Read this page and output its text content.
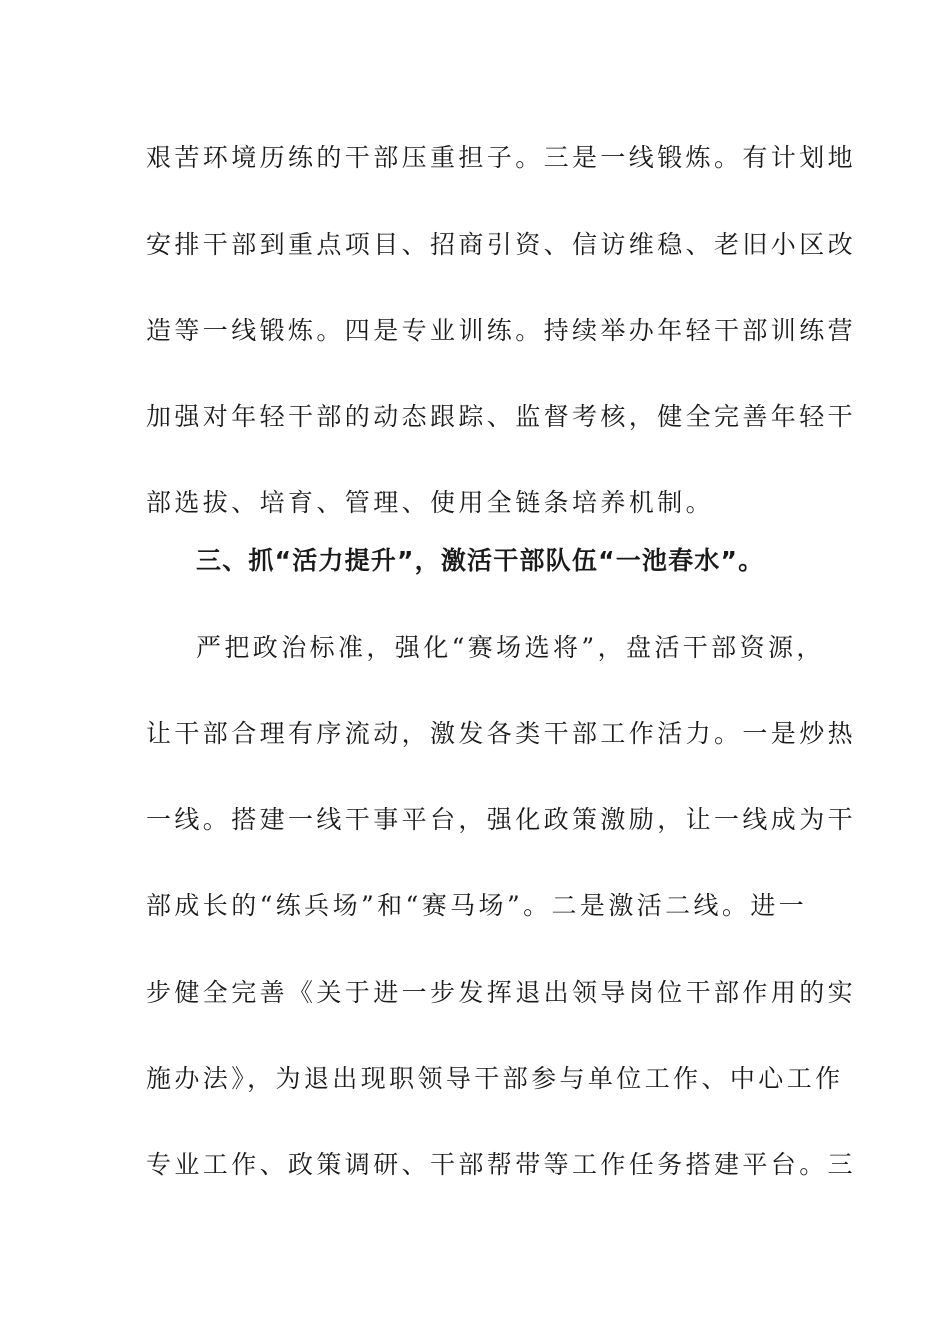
艰苦环境历练的干部压重担子。三是一线锻炼。有计划地
安排干部到重点项目、招商引资、信访维稳、老旧小区改
造等一线锻炼。四是专业训练。持续举办年轻干部训练营
加强对年轻干部的动态跟踪、监督考核，健全完善年轻干
部选拔、培育、管理、使用全链条培养机制。
三、抓“活力提升”，激活干部队伍“一池春水”。
严把政治标准，强化“赛场选将”，盘活干部资源，
让干部合理有序流动，激发各类干部工作活力。一是炒热
一线。搭建一线干事平台，强化政策激励，让一线成为干
部成长的“练兵场”和“赛马场”。二是激活二线。进一
步健全完善《关于进一步发挥退出领导岗位干部作用的实
施办法》，为退出现职领导干部参与单位工作、中心工作
专业工作、政策调研、干部帮带等工作任务搭建平台。三
